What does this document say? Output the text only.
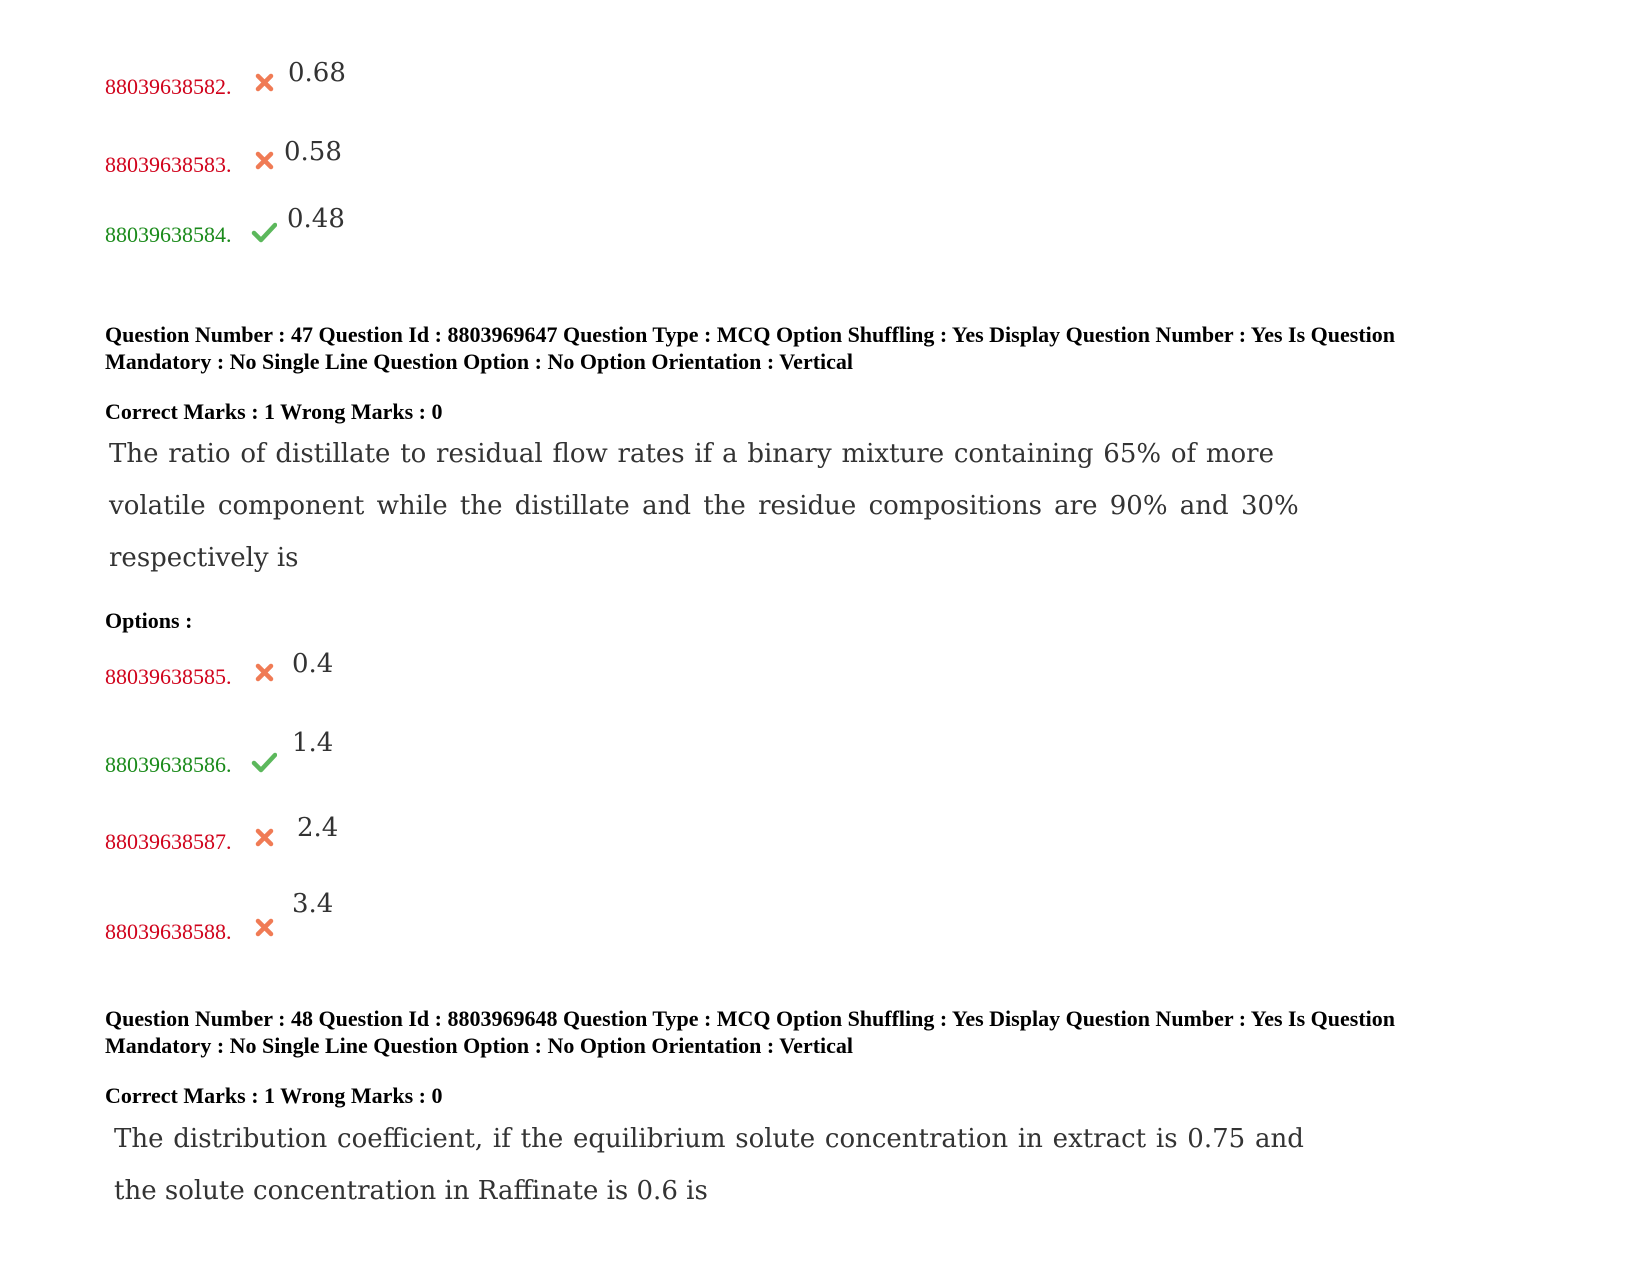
88039638582. 0.68
88039638583. 0.58
88039638584.
0.48
Question Number : 47 Question Id : 8803969647 Question Type : MCQ Option Shuffling : Yes Display Question Number : Yes Is Question
Mandatory : No Single Line Question Option : No Option Orientation : Vertical
Correct Marks : 1 Wrong Marks : 0
The ratio of distillate to residual flow rates if a binary mixture containing 65% of more
volatile component while the distillate and the residue compositions are 90% and 30%
respectively is
Options :
88039638585. 0.4
88039638586.
1.4
88039638587.	2.4
88039638588.
3.4
Question Number : 48 Question Id : 8803969648 Question Type : MCQ Option Shuffling : Yes Display Question Number : Yes Is Question
Mandatory : No Single Line Question Option : No Option Orientation : Vertical
Correct Marks : 1 Wrong Marks : 0
The distribution coefficient, if the equilibrium solute concentration in extract is 0.75 and
the solute concentration in Raffinate is 0.6 is
